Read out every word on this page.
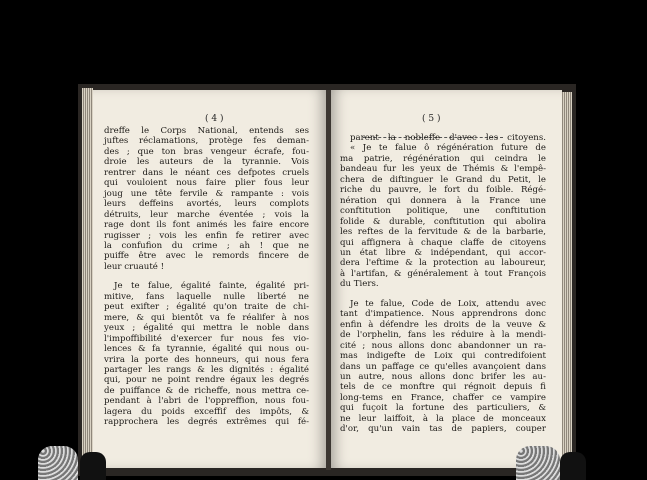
( 4 )	( 5 )
dreffe le Corps National, entends ses
juftes réclamations, protège fes deman-
des ; que ton bras vengeur écrafe, fou-
droie les auteurs de la tyrannie. Vois
rentrer dans le néant ces defpotes cruels
qui vouloient nous faire plier fous leur
joug une tête fervile & rampante : vois
leurs deffeins avortés, leurs complots
détruits, leur marche éventée ; vois la
rage dont ils font animés les faire encore
rugisser ; vois les enfin fe retirer avec
la confufion du crime ; ah ! que ne
puiffe être avec le remords fincere de
leur cruauté !
Je te falue, égalité fainte, égalité pri-
mitive, fans laquelle nulle liberté ne
peut exifter ; égalité qu'on traite de chi-
mere, & qui bientôt va fe réalifer à nos
yeux ; égalité qui mettra le noble dans
l'impoffibilité d'exercer fur nous fes vio-
lences & fa tyrannie, égalité qui nous ou-
vrira la porte des honneurs, qui nous fera
partager les rangs & les dignités : égalité
qui, pour ne point rendre égaux les degrés
de puiffance & de richeffe, nous mettra ce-
pendant à l'abri de l'oppreffion, nous fou-
lagera du poids exceffif des impôts, &
rapprochera les degrés extrêmes qui fé-
parent la nobleffe d'avec les citoyens.
« Je te falue ô régénération future de
ma patrie, régénération qui ceindra le
bandeau fur les yeux de Thémis & l'empê-
chera de diftinguer le Grand du Petit, le
riche du pauvre, le fort du foible. Régé-
nération qui donnera à la France une
conftitution politique, une conftitution
folide & durable, conftitution qui abolira
les reftes de la fervitude & de la barbarie,
qui affignera à chaque claffe de citoyens
un état libre & indépendant, qui accor-
dera l'eftime & la protection au laboureur,
à l'artifan, & généralement à tout François
du Tiers.
Je te falue, Code de Loix, attendu avec
tant d'impatience. Nous apprendrons donc
enfin à défendre les droits de la veuve &
de l'orphelin, fans les réduire à la mendi-
cité ; nous allons donc abandonner un ra-
mas indigefte de Loix qui contredifoient
dans un paffage ce qu'elles avançoient dans
un autre, nous allons donc brifer les au-
tels de ce monftre qui régnoit depuis fi
long-tems en France, chaffer ce vampire
qui fuçoit la fortune des particuliers, &
ne leur laiffoit, à la place de monceaux
d'or, qu'un vain tas de papiers, couper
